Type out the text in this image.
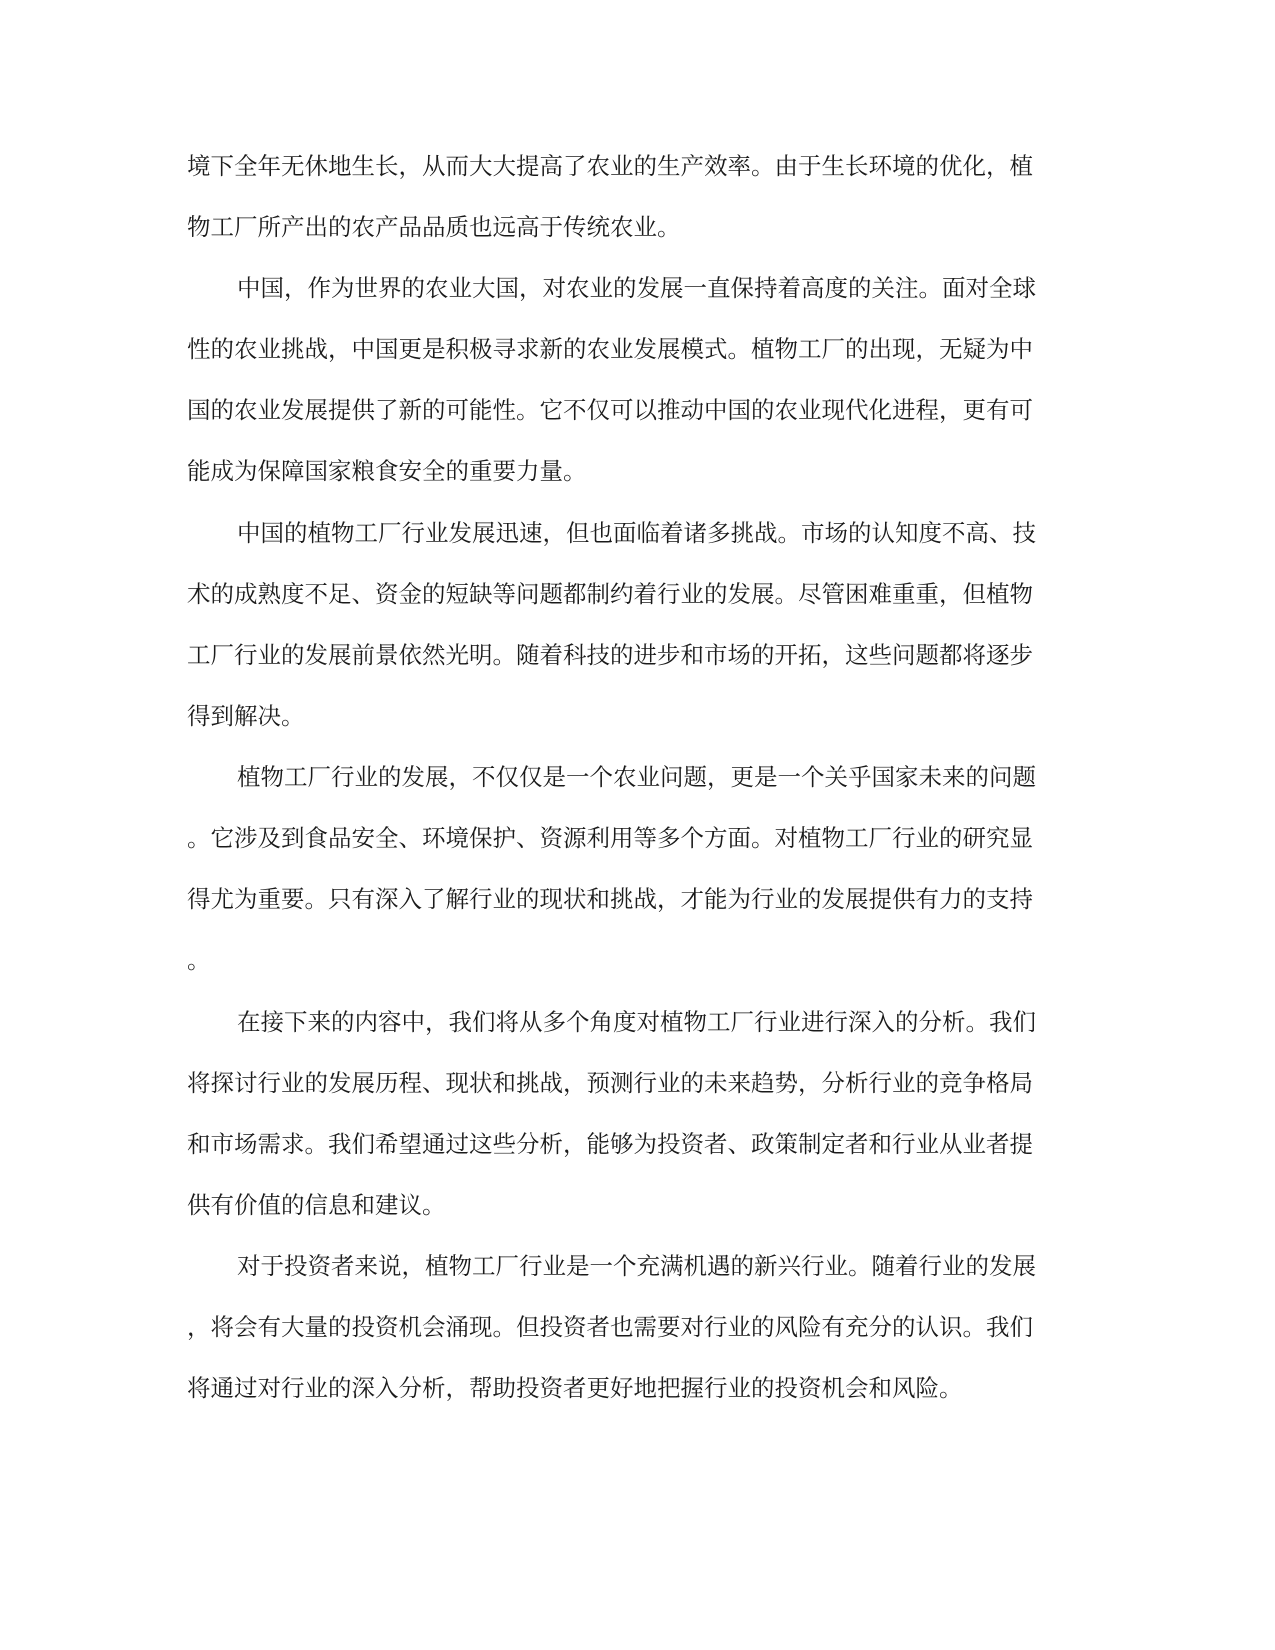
境下全年无休地生长，从而大大提高了农业的生产效率。由于生长环境的优化，植
物工厂所产出的农产品品质也远高于传统农业。
中国，作为世界的农业大国，对农业的发展一直保持着高度的关注。面对全球
性的农业挑战，中国更是积极寻求新的农业发展模式。植物工厂的出现，无疑为中
国的农业发展提供了新的可能性。它不仅可以推动中国的农业现代化进程，更有可
能成为保障国家粮食安全的重要力量。
中国的植物工厂行业发展迅速，但也面临着诸多挑战。市场的认知度不高、技
术的成熟度不足、资金的短缺等问题都制约着行业的发展。尽管困难重重，但植物
工厂行业的发展前景依然光明。随着科技的进步和市场的开拓，这些问题都将逐步
得到解决。
植物工厂行业的发展，不仅仅是一个农业问题，更是一个关乎国家未来的问题
。它涉及到食品安全、环境保护、资源利用等多个方面。对植物工厂行业的研究显
得尤为重要。只有深入了解行业的现状和挑战，才能为行业的发展提供有力的支持
。
在接下来的内容中，我们将从多个角度对植物工厂行业进行深入的分析。我们
将探讨行业的发展历程、现状和挑战，预测行业的未来趋势，分析行业的竞争格局
和市场需求。我们希望通过这些分析，能够为投资者、政策制定者和行业从业者提
供有价值的信息和建议。
对于投资者来说，植物工厂行业是一个充满机遇的新兴行业。随着行业的发展
，将会有大量的投资机会涌现。但投资者也需要对行业的风险有充分的认识。我们
将通过对行业的深入分析，帮助投资者更好地把握行业的投资机会和风险。
